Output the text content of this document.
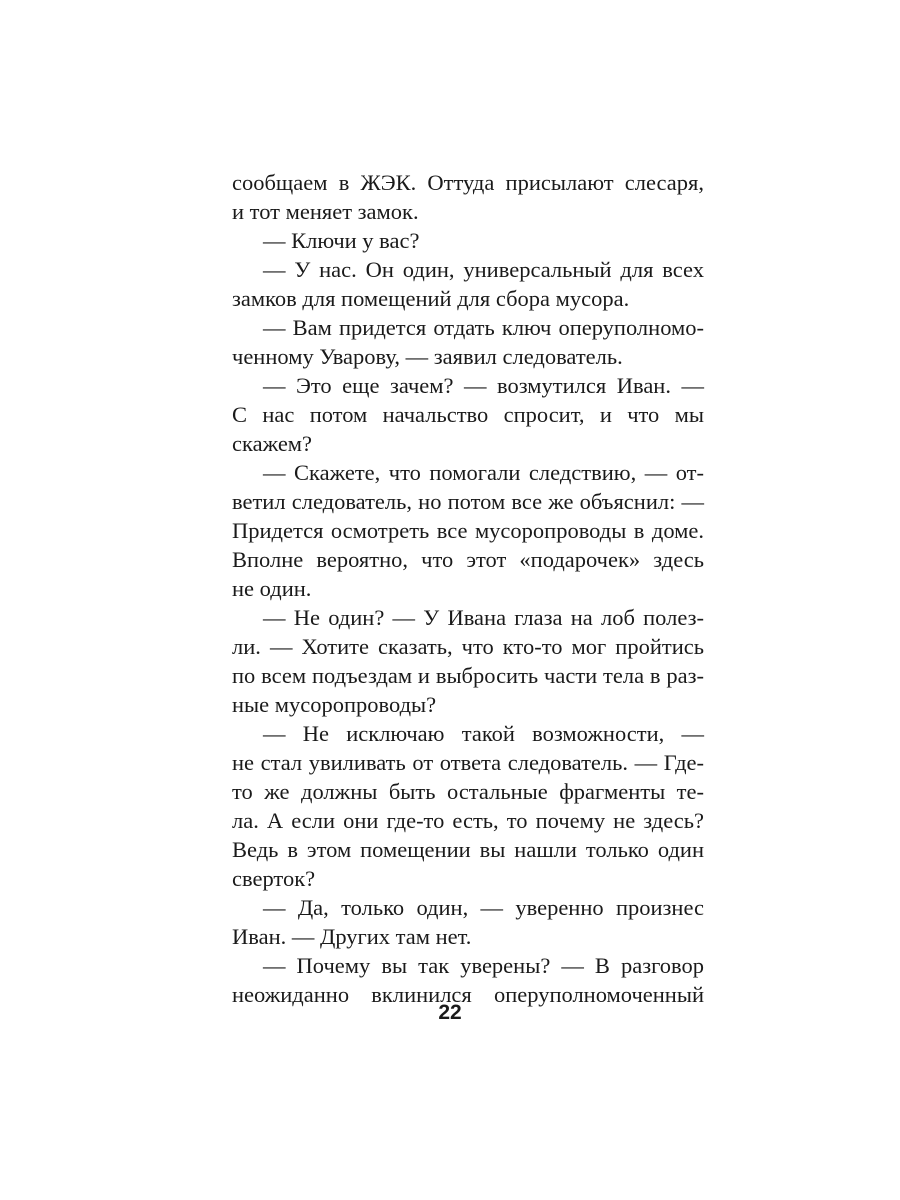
сообщаем в ЖЭК. Оттуда присылают слесаря,
и тот меняет замок.
— Ключи у вас?
— У нас. Он один, универсальный для всех
замков для помещений для сбора мусора.
— Вам придется отдать ключ оперуполномо-
ченному Уварову, — заявил следователь.
— Это еще зачем? — возмутился Иван. —
С нас потом начальство спросит, и что мы
скажем?
— Скажете, что помогали следствию, — от-
ветил следователь, но потом все же объяснил: —
Придется осмотреть все мусоропроводы в доме.
Вполне вероятно, что этот «подарочек» здесь
не один.
— Не один? — У Ивана глаза на лоб полез-
ли. — Хотите сказать, что кто-то мог пройтись
по всем подъездам и выбросить части тела в раз-
ные мусоропроводы?
— Не исключаю такой возможности, —
не стал увиливать от ответа следователь. — Где-
то же должны быть остальные фрагменты те-
ла. А если они где-то есть, то почему не здесь?
Ведь в этом помещении вы нашли только один
сверток?
— Да, только один, — уверенно произнес
Иван. — Других там нет.
— Почему вы так уверены? — В разговор
неожиданно вклинился оперуполномоченный
22
